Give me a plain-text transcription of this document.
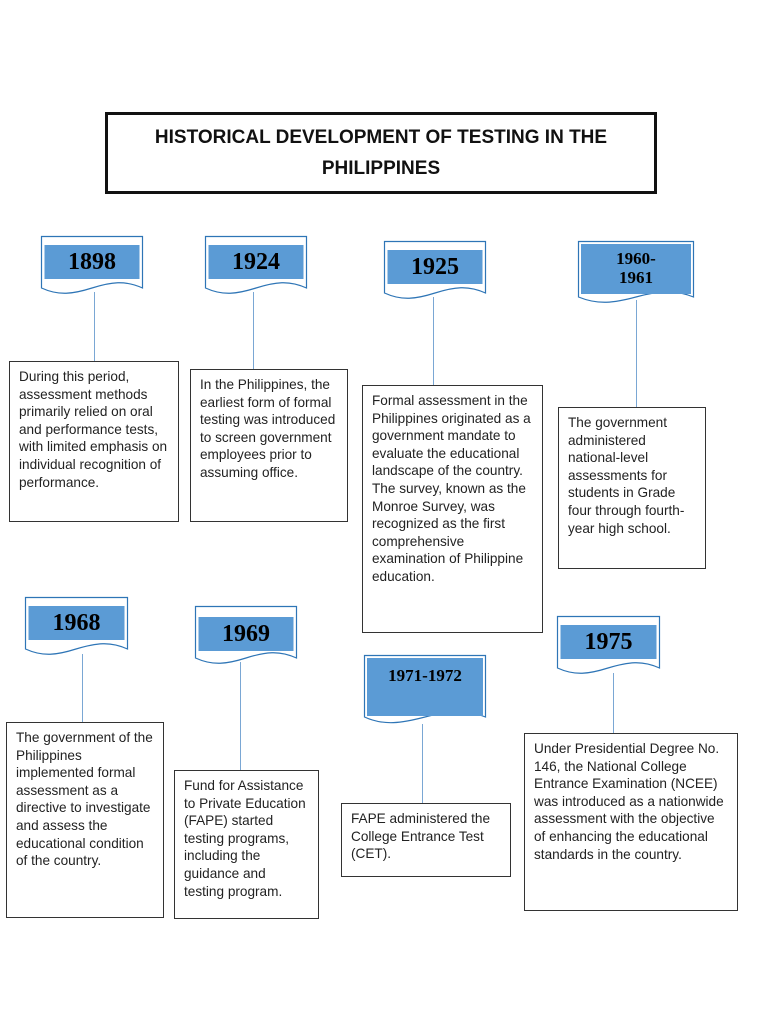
HISTORICAL DEVELOPMENT OF TESTING IN THE PHILIPPINES
1898
During this period, assessment methods primarily relied on oral and performance tests, with limited emphasis on individual recognition of performance.
1924
In the Philippines, the earliest form of formal testing was introduced to screen government employees prior to assuming office.
1925
Formal assessment in the Philippines originated as a government mandate to evaluate the educational landscape of the country. The survey, known as the Monroe Survey, was recognized as the first comprehensive examination of Philippine education.
1960-
1961
The government administered national-level assessments for students in Grade four through fourth-year high school.
1968
The government of the Philippines implemented formal assessment as a directive to investigate and assess the educational condition of the country.
1969
Fund for Assistance to Private Education (FAPE) started testing programs, including the guidance and testing program.
1971-1972
FAPE administered the College Entrance Test (CET).
1975
Under Presidential Degree No. 146, the National College Entrance Examination (NCEE) was introduced as a nationwide assessment with the objective of enhancing the educational standards in the country.
